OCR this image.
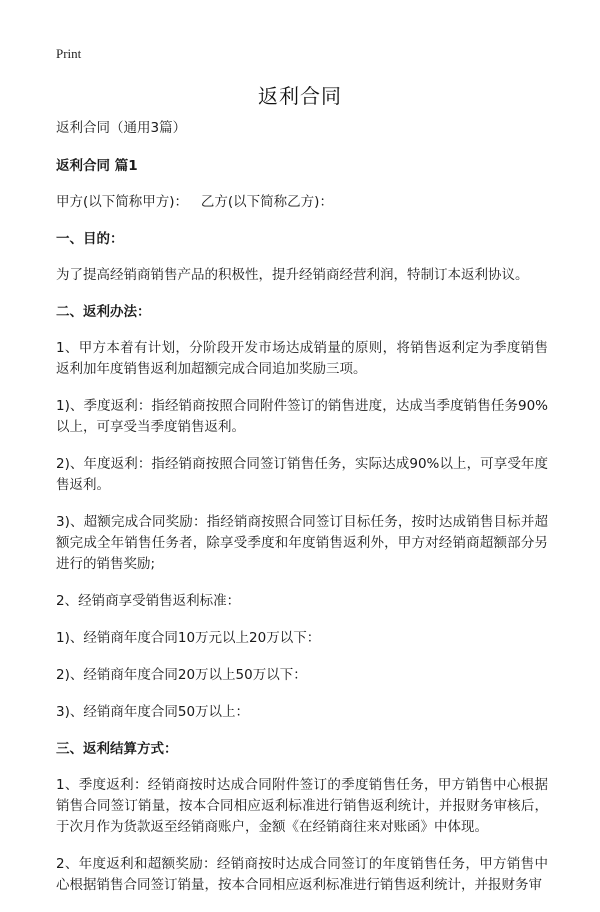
Print
返利合同

返利合同（通用3篇）

返利合同 篇1

甲方(以下简称甲方)：   乙方(以下简称乙方)：

一、目的：

为了提高经销商销售产品的积极性，提升经销商经营利润，特制订本返利协议。

二、返利办法：

1、甲方本着有计划，分阶段开发市场达成销量的原则，将销售返利定为季度销售返利加年度销售返利加超额完成合同追加奖励三项。

1)、季度返利：指经销商按照合同附件签订的销售进度，达成当季度销售任务90%以上，可享受当季度销售返利。

2)、年度返利：指经销商按照合同签订销售任务，实际达成90%以上，可享受年度售返利。

3)、超额完成合同奖励：指经销商按照合同签订目标任务，按时达成销售目标并超额完成全年销售任务者，除享受季度和年度销售返利外，甲方对经销商超额部分另进行的销售奖励;

2、经销商享受销售返利标准：

1)、经销商年度合同10万元以上20万以下：

2)、经销商年度合同20万以上50万以下：

3)、经销商年度合同50万以上：

三、返利结算方式：

1、季度返利：经销商按时达成合同附件签订的季度销售任务，甲方销售中心根据销售合同签订销量，按本合同相应返利标准进行销售返利统计，并报财务审核后，于次月作为货款返至经销商账户，金额《在经销商往来对账函》中体现。

2、年度返利和超额奖励：经销商按时达成合同签订的年度销售任务，甲方销售中心根据销售合同签订销量，按本合同相应返利标准进行销售返利统计，并报财务审
